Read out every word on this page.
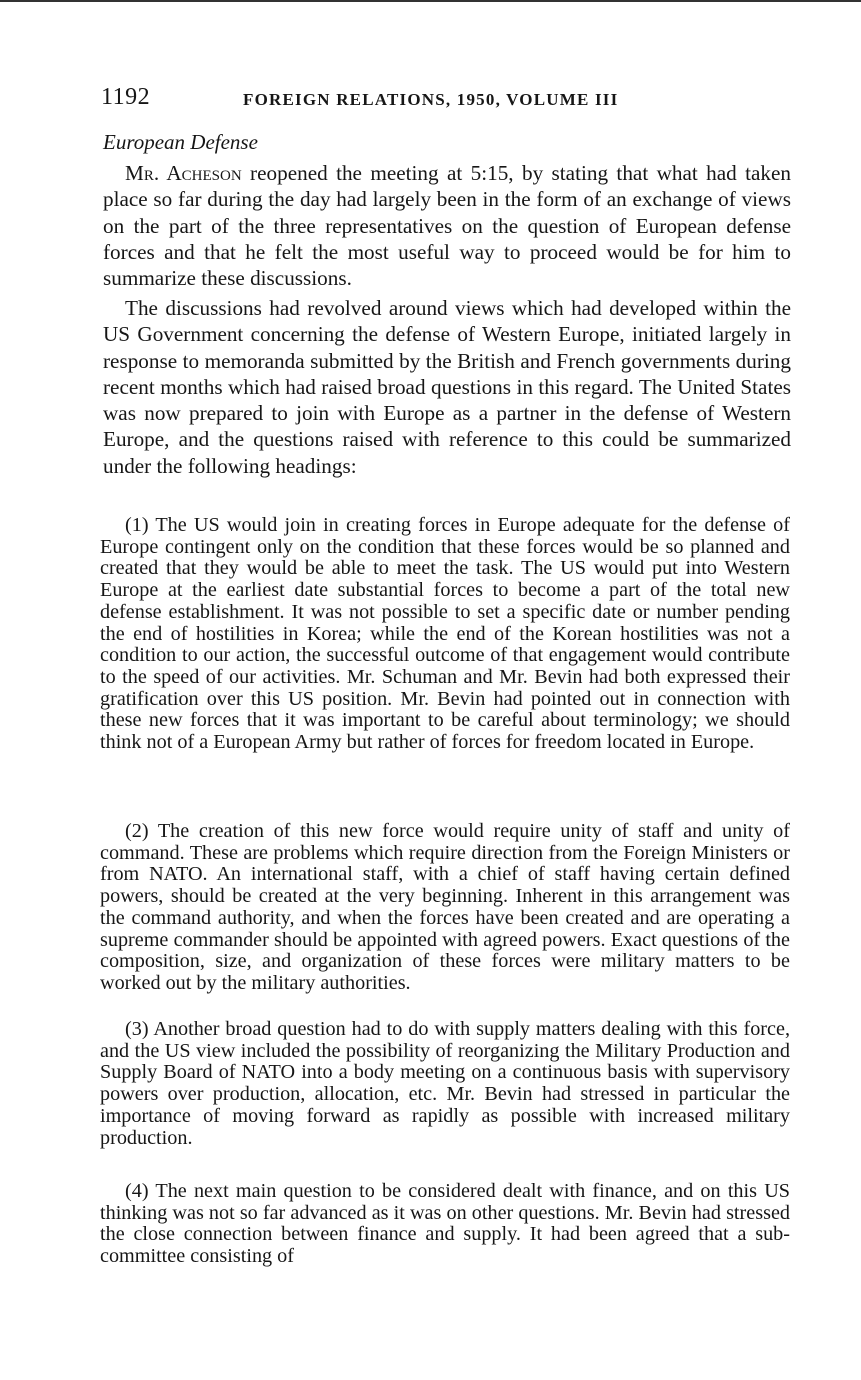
1192	FOREIGN RELATIONS, 1950, VOLUME III
European Defense

Mr. Acheson reopened the meeting at 5:15, by stating that what had taken place so far during the day had largely been in the form of an exchange of views on the part of the three representatives on the question of European defense forces and that he felt the most useful way to proceed would be for him to summarize these discussions.

The discussions had revolved around views which had developed within the US Government concerning the defense of Western Europe, initiated largely in response to memoranda submitted by the British and French governments during recent months which had raised broad questions in this regard. The United States was now prepared to join with Europe as a partner in the defense of Western Europe, and the questions raised with reference to this could be summarized under the following headings:

(1) The US would join in creating forces in Europe adequate for the defense of Europe contingent only on the condition that these forces would be so planned and created that they would be able to meet the task. The US would put into Western Europe at the earliest date substantial forces to become a part of the total new defense establishment. It was not possible to set a specific date or number pending the end of hostilities in Korea; while the end of the Korean hostilities was not a condition to our action, the successful outcome of that engagement would contribute to the speed of our activities. Mr. Schuman and Mr. Bevin had both expressed their gratification over this US position. Mr. Bevin had pointed out in connection with these new forces that it was important to be careful about terminology; we should think not of a European Army but rather of forces for freedom located in Europe.

(2) The creation of this new force would require unity of staff and unity of command. These are problems which require direction from the Foreign Ministers or from NATO. An international staff, with a chief of staff having certain defined powers, should be created at the very beginning. Inherent in this arrangement was the command authority, and when the forces have been created and are operating a supreme commander should be appointed with agreed powers. Exact questions of the composition, size, and organization of these forces were military matters to be worked out by the military authorities.

(3) Another broad question had to do with supply matters dealing with this force, and the US view included the possibility of reorganizing the Military Production and Supply Board of NATO into a body meeting on a continuous basis with supervisory powers over production, allocation, etc. Mr. Bevin had stressed in particular the importance of moving forward as rapidly as possible with increased military production.

(4) The next main question to be considered dealt with finance, and on this US thinking was not so far advanced as it was on other questions. Mr. Bevin had stressed the close connection between finance and supply. It had been agreed that a sub-committee consisting of
